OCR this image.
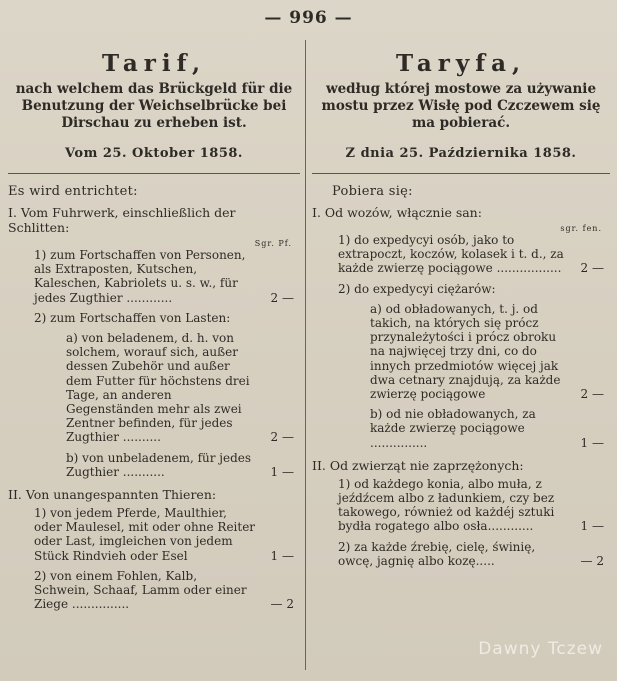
— 996 —
Tarif,
nach welchem das Brückgeld für die Benutzung der Weichselbrücke bei Dirschau zu erheben ist.
Vom 25. Oktober 1858.
Es wird entrichtet:
I. Vom Fuhrwerk, einschließlich der Schlitten:
Sgr. Pf.
1) zum Fortschaffen von Personen, als Extraposten, Kutschen, Kaleschen, Kabriolets u. s. w., für jedes Zugthier ............	2 —
2) zum Fortschaffen von Lasten:
a) von beladenem, d. h. von solchem, worauf sich, außer dessen Zubehör und außer dem Futter für höchstens drei Tage, an anderen Gegenständen mehr als zwei Zentner befinden, für jedes Zugthier ..........	2 —
b) von unbeladenem, für jedes Zugthier ...........	1 —
II. Von unangespannten Thieren:
1) von jedem Pferde, Maulthier, oder Maulesel, mit oder ohne Reiter oder Last, imgleichen von jedem Stück Rindvieh oder Esel	1 —
2) von einem Fohlen, Kalb, Schwein, Schaaf, Lamm oder einer Ziege ...............	— 2
Taryfa,
według której mostowe za używanie mostu przez Wisłę pod Czczewem się ma pobierać.
Z dnia 25. Października 1858.
Pobiera się:
I. Od wozów, włącznie san:
sgr. fen.
1) do expedycyi osób, jako to extrapoczt, koczów, kolasek i t. d., za każde zwierzę pociągowe .................	2 —
2) do expedycyi ciężarów:
a) od obładowanych, t. j. od takich, na których się prócz przynależytości i prócz obroku na najwięcej trzy dni, co do innych przedmiotów więcej jak dwa cetnary znajdują, za każde zwierzę pociągowe	2 —
b) od nie obładowanych, za każde zwierzę pociągowe ...............	1 —
II. Od zwierząt nie zaprzężonych:
1) od każdego konia, albo muła, z jeźdźcem albo z ładunkiem, czy bez takowego, również od każdéj sztuki bydła rogatego albo osła............	1 —
2) za każde źrebię, cielę, świnię, owcę, jagnię albo kozę.....	— 2
Dawny Tczew
